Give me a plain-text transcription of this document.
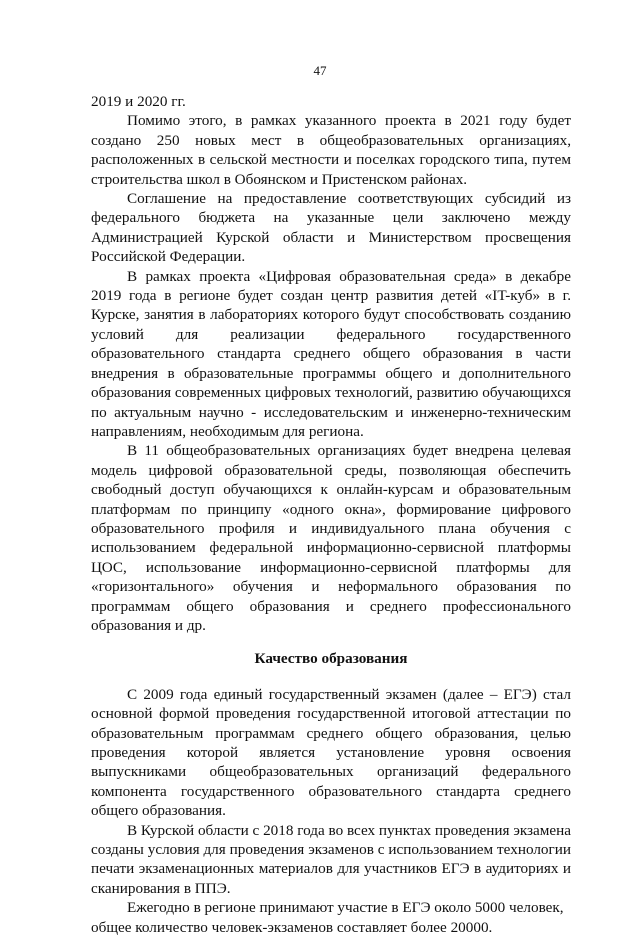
47

2019 и 2020 гг.

Помимо этого, в рамках указанного проекта в 2021 году будет создано 250 новых мест в общеобразовательных организациях, расположенных в сельской местности и поселках городского типа, путем строительства школ в Обоянском и Пристенском районах.

Соглашение на предоставление соответствующих субсидий из федерального бюджета на указанные цели заключено между Администрацией Курской области и Министерством просвещения Российской Федерации.

В рамках проекта «Цифровая образовательная среда» в декабре 2019 года в регионе будет создан центр развития детей «IT-куб» в г. Курске, занятия в лабораториях которого будут способствовать созданию условий для реализации федерального государственного образовательного стандарта среднего общего образования в части внедрения в образовательные программы общего и дополнительного образования современных цифровых технологий, развитию обучающихся по актуальным научно - исследовательским и инженерно-техническим направлениям, необходимым для региона.

В 11 общеобразовательных организациях будет внедрена целевая модель цифровой образовательной среды, позволяющая обеспечить свободный доступ обучающихся к онлайн-курсам и образовательным платформам по принципу «одного окна», формирование цифрового образовательного профиля и индивидуального плана обучения с использованием федеральной информационно-сервисной платформы ЦОС, использование информационно-сервисной платформы для «горизонтального» обучения и неформального образования по программам общего образования и среднего профессионального образования и др.

Качество образования

С 2009 года единый государственный экзамен (далее – ЕГЭ) стал основной формой проведения государственной итоговой аттестации по образовательным программам среднего общего образования, целью проведения которой является установление уровня освоения выпускниками общеобразовательных организаций федерального компонента государственного образовательного стандарта среднего общего образования.

В Курской области с 2018 года во всех пунктах проведения экзамена созданы условия для проведения экзаменов с использованием технологии печати экзаменационных материалов для участников ЕГЭ в аудиториях и сканирования в ППЭ.

Ежегодно в регионе принимают участие в ЕГЭ около 5000 человек, общее количество человек-экзаменов составляет более 20000.
